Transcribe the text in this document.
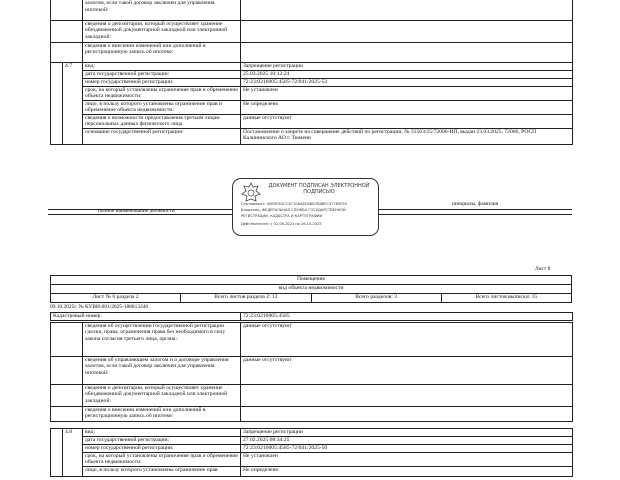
	залогом, если такой договор заключен для управления ипотекой:	
	сведения о депозитарии, который осуществляет хранение обездвиженной документарной закладной или электронной закладной:	
	сведения о внесении изменений или дополнений в регистрационную запись об ипотеке:	
	4.7	вид:	Запрещение регистрации
		дата государственной регистрации:	25.03.2025 10:12:24
		номер государственной регистрации:	72:23:0216005:4585-72/041/2025-53
		срок, на который установлены ограничение прав и обременение объекта недвижимости:	Не установлен
		лицо, в пользу которого установлены ограничение прав и обременение объекта недвижимости:	Не определено
		сведения о возможности предоставления третьим лицам персональных данных физического лица	данные отсутствуют
		основание государственной регистрации:	Постановление о запрете на совершение действий по регистрации, № 31563/25/72006-ИП, выдан 23.03.2025, 72006, РОСП Калининского АО г. Тюмени
полное наименование должности
инициалы, фамилия
ДОКУМЕНТ ПОДПИСАН ЭЛЕКТРОННОЙ ПОДПИСЬЮ
Сертификат: 00B5F3DCC3C10AA6CB8D7BA6FC37765F55
Владелец: ФЕДЕРАЛЬНАЯ СЛУЖБА ГОСУДАРСТВЕННОЙ
РЕГИСТРАЦИИ, КАДАСТРА И КАРТОГРАФИИ
Действителен: с 02.08.2024 по 26.10.2025
Лист 8
Помещение
вид объекта недвижимости
Лист № 6 раздела 2	Всего листов раздела 2: 12	Всего разделов: 3	Всего листов выписки: 15
09.10.2025г. № КУВИ-001/2025-188813246
Кадастровый номер:	72:23:0216005:4585
	сведения об осуществлении государственной регистрации сделки, права, ограничения права без необходимого в силу закона согласия третьего лица, органа:	данные отсутствуют
	сведения об управляющем залогом и о договоре управления залогом, если такой договор заключен для управления ипотекой:	данные отсутствуют
	сведения о депозитарии, который осуществляет хранение обездвиженной документарной закладной или электронной закладной:	
	сведения о внесении изменений или дополнений в регистрационную запись об ипотеке:	
	4.8	вид:	Запрещение регистрации
		дата государственной регистрации:	27.02.2025 08:34:25
		номер государственной регистрации:	72:23:0216005:4585-72/041/2025-50
		срок, на который установлены ограничение прав и обременение объекта недвижимости:	Не установлен
		лицо, в пользу которого установлены ограничение прав	Не определено
